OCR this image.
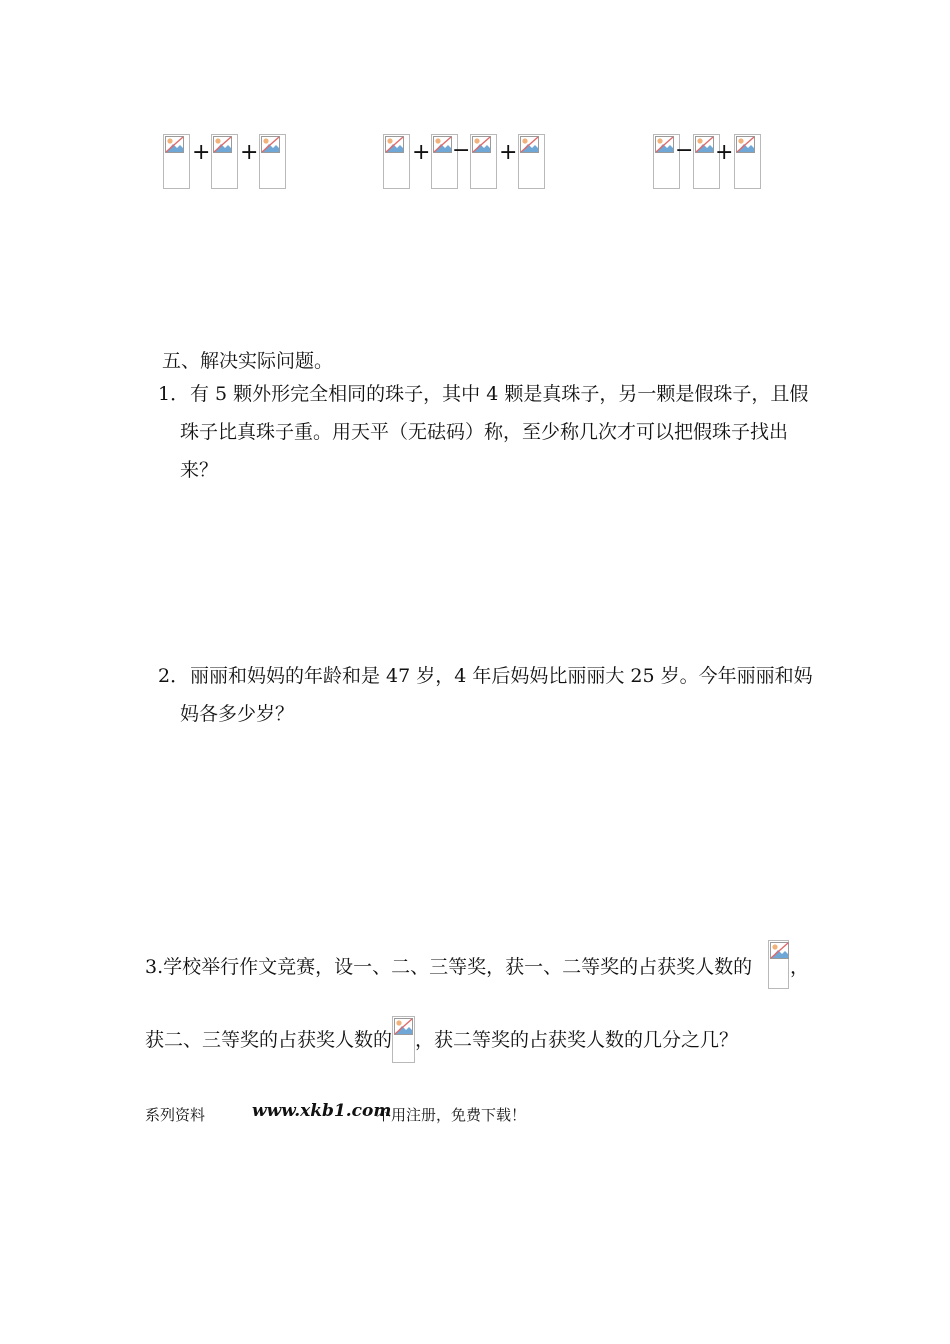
+ +	+ − +	− +
五、解决实际问题。
1． 有 5 颗外形完全相同的珠子，其中 4 颗是真珠子，另一颗是假珠子，且假
珠子比真珠子重。用天平（无砝码）称，至少称几次才可以把假珠子找出
来？
2． 丽丽和妈妈的年龄和是 47 岁，4 年后妈妈比丽丽大 25 岁。今年丽丽和妈
妈各多少岁？
3.学校举行作文竞赛，设一、二、三等奖，获一、二等奖的占获奖人数的 ，
获二、三等奖的占获奖人数的 ，获二等奖的占获奖人数的几分之几？
系列资料	www.xkb1.com
不用注册，免费下载！
